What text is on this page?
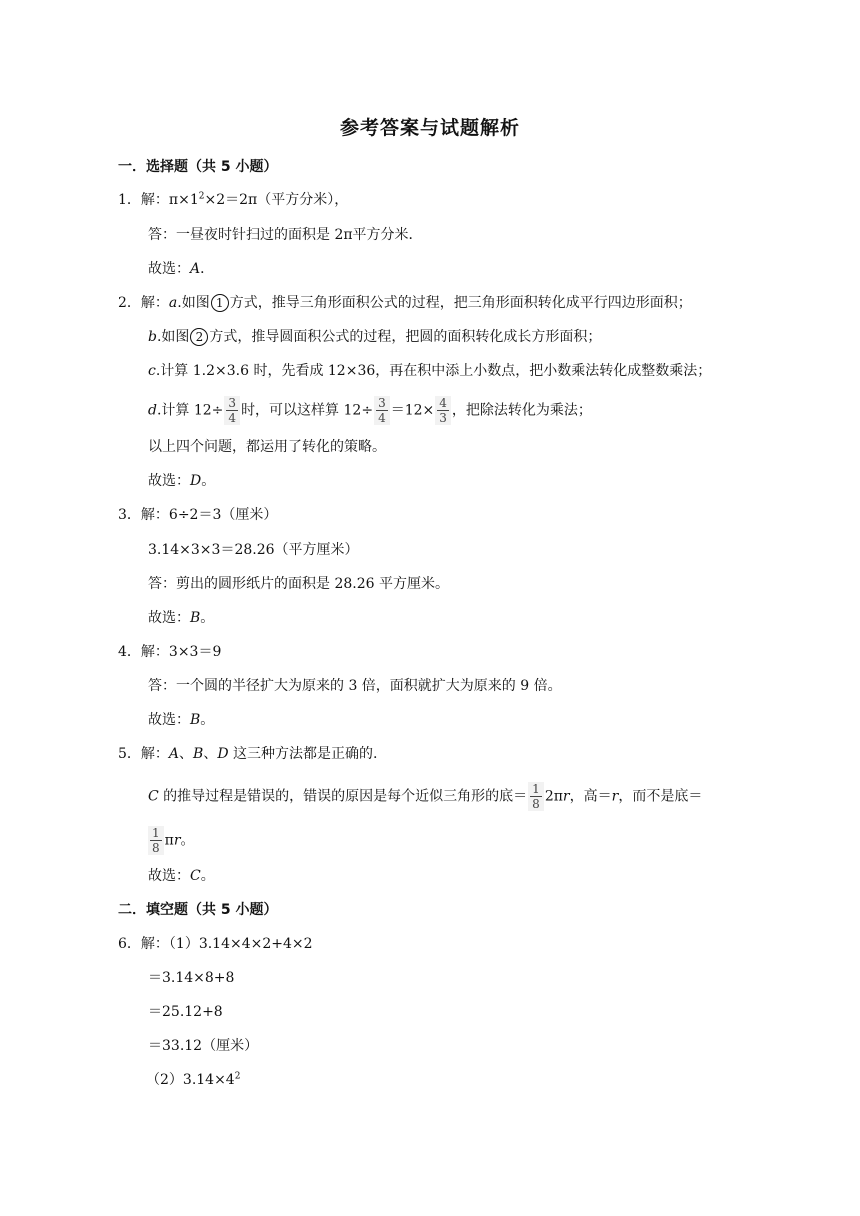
参考答案与试题解析
一．选择题（共 5 小题）
1．解：$\pi\times 1^2\times 2=2\pi$（平方分米），
答：一昼夜时针扫过的面积是 2π平方分米．
故选：A．
2．解：a.如图 1 方式，推导三角形面积公式的过程，把三角形面积转化成平行四边形面积；
b.如图 2 方式，推导圆面积公式的过程，把圆的面积转化成长方形面积；
c.计算 1.2×3.6 时，先看成 12×36，再在积中添上小数点，把小数乘法转化成整数乘法；
d.计算 $12\div \frac{3}{4}$ 时，可以这样算 $12\div \frac{3}{4} =12\times \frac{4}{3}$ ，把除法转化为乘法；
以上四个问题，都运用了转化的策略。
故选：D。
3．解：6÷2＝3（厘米）
3.14×3×3＝28.26（平方厘米）
答：剪出的圆形纸片的面积是 28.26 平方厘米。
故选：B。
4．解：3×3＝9
答：一个圆的半径扩大为原来的 3 倍，面积就扩大为原来的 9 倍。
故选：B。
5．解：A、B、D 这三种方法都是正确的.
C 的推导过程是错误的，错误的原因是每个近似三角形的底＝ $\frac{1}{8} 2\pi r$，高＝r，而不是底＝
$\frac{1}{8}$ πr。
故选：C。
二．填空题（共 5 小题）
6．解：（1）3.14×4×2+4×2
＝3.14×8+8
＝25.12+8
＝33.12（厘米）
$(2)3.14\times 4^2$
